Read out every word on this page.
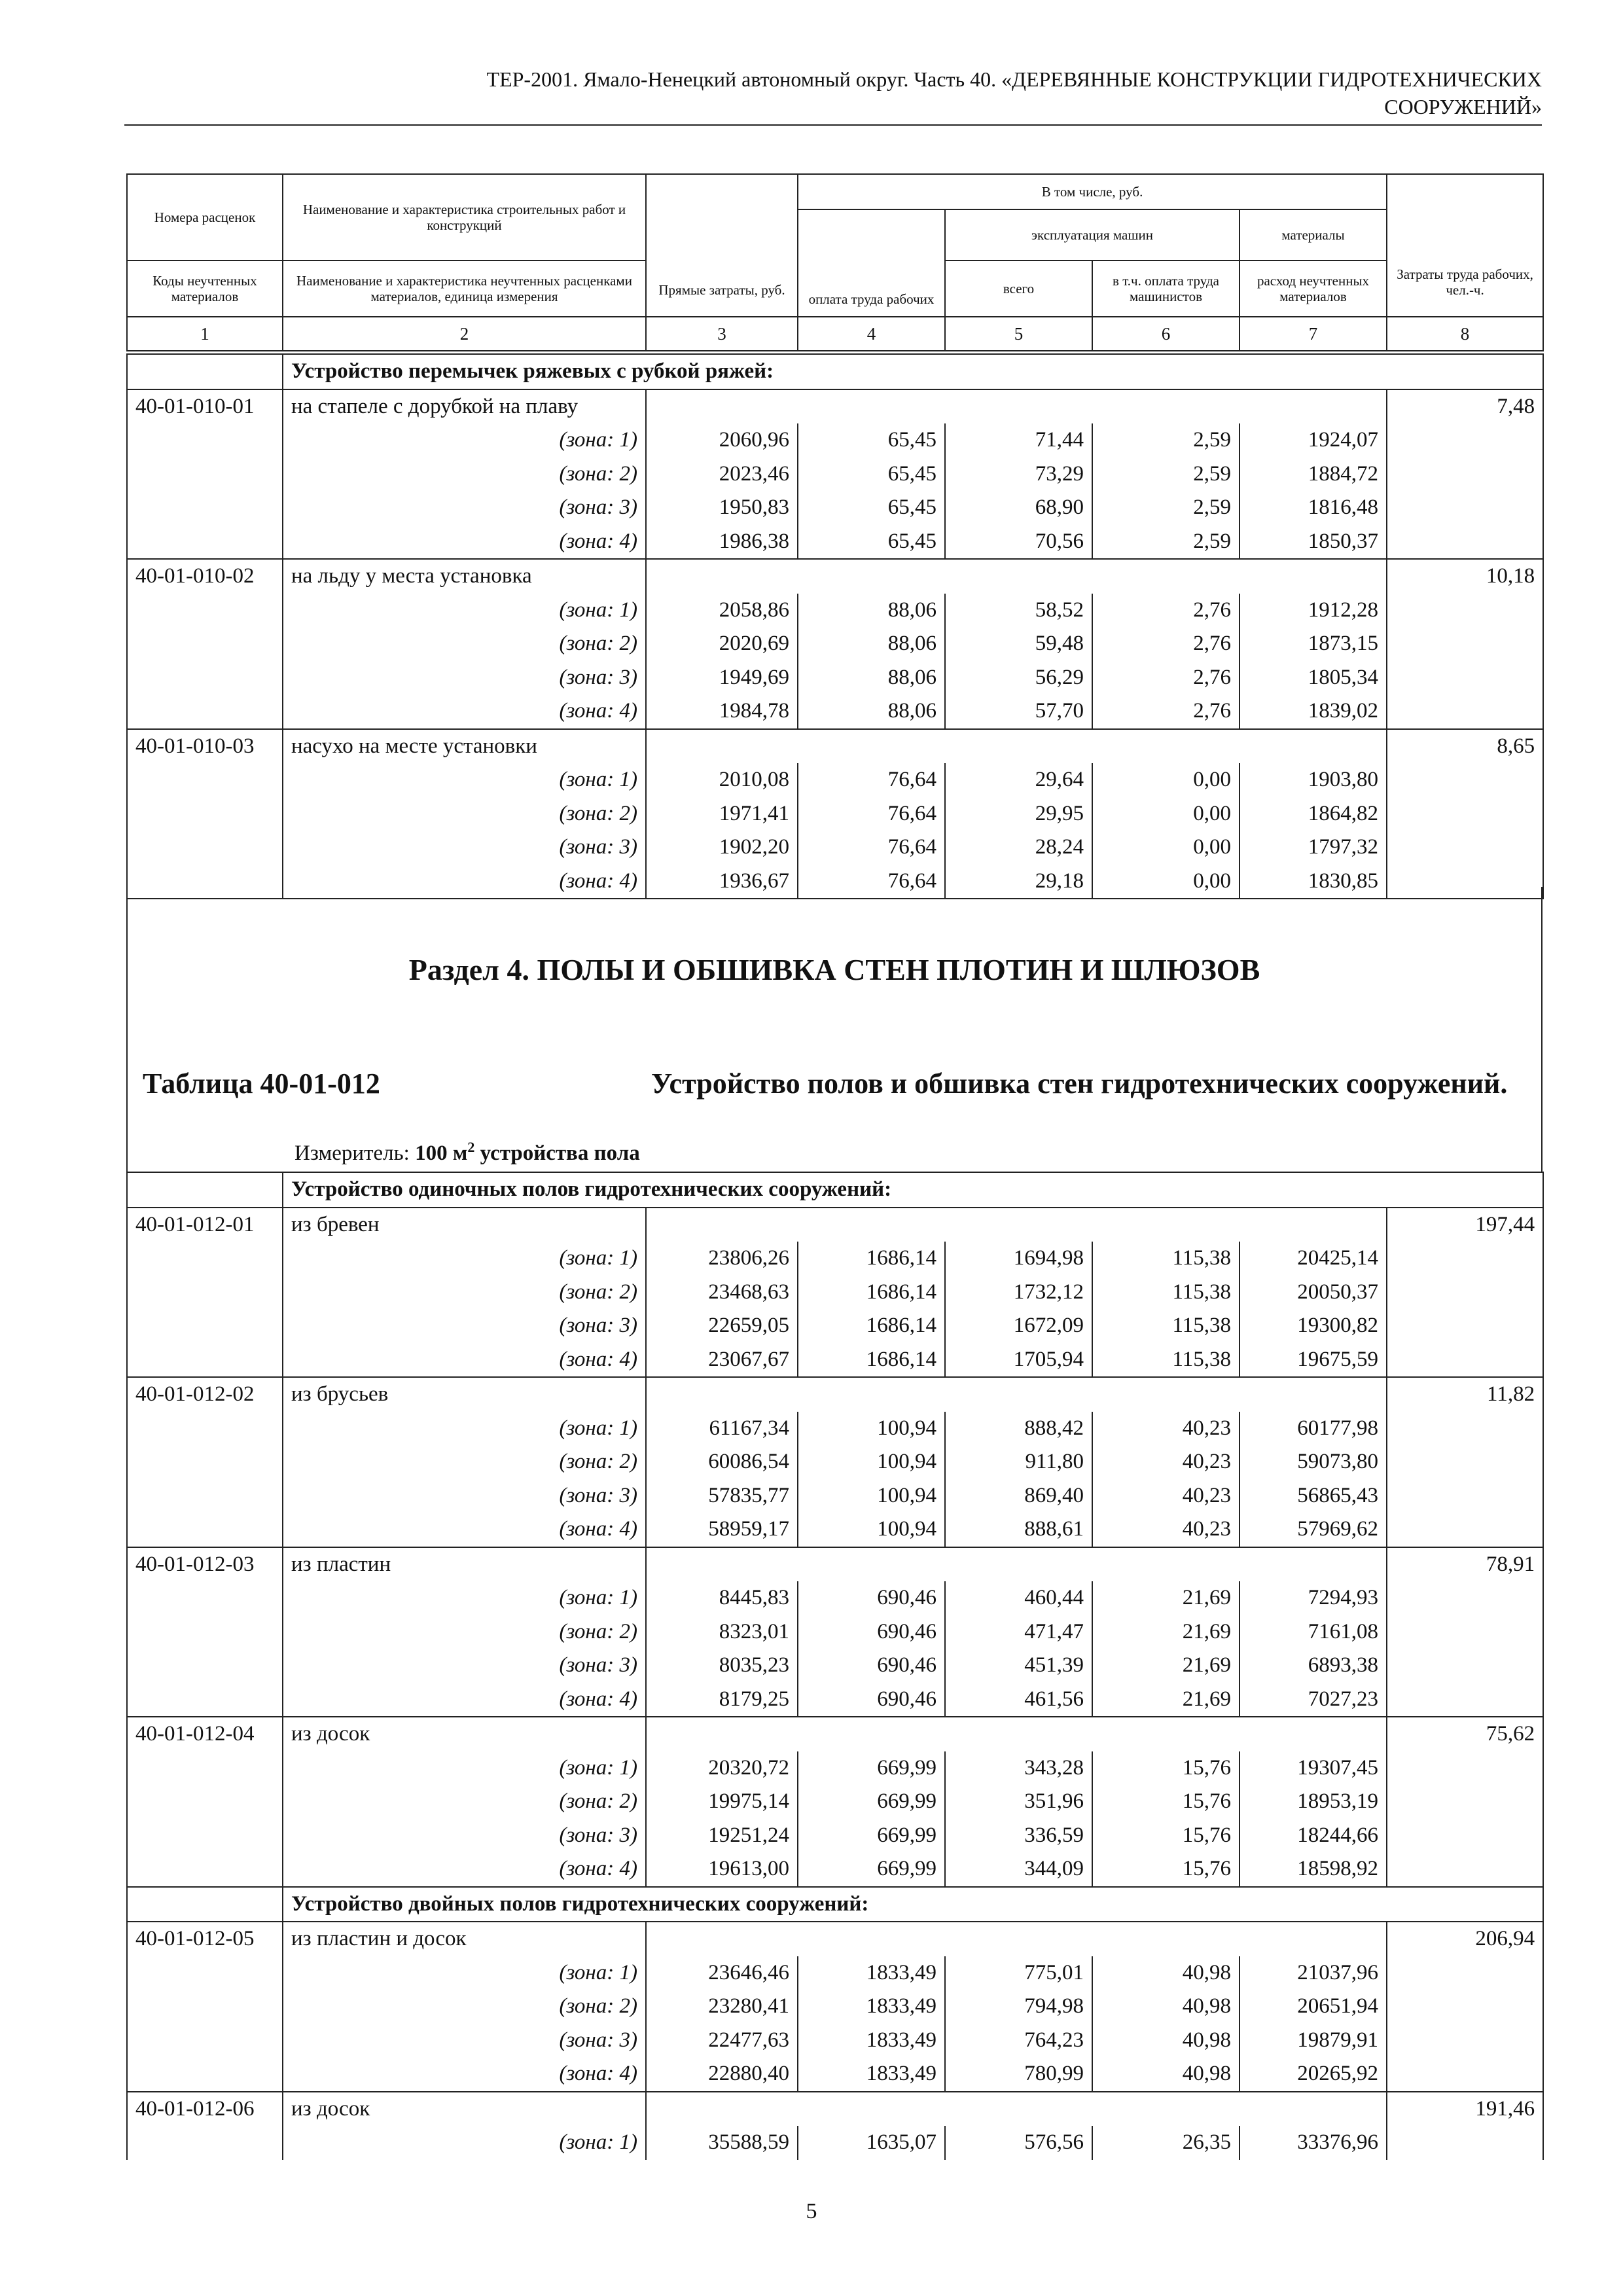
ТЕР-2001. Ямало-Ненецкий автономный округ. Часть 40. «ДЕРЕВЯННЫЕ КОНСТРУКЦИИ ГИДРОТЕХНИЧЕСКИХ
СООРУЖЕНИЙ»
Номера расценок	Наименование и характеристика строительных работ и конструкций	Прямые затраты, руб.	В том числе, руб.				Затраты труда рабочих, чел.-ч.
			оплата труда рабочих	эксплуатация машин		материалы	
Коды неучтенных материалов	Наименование и характеристика неучтенных расценками материалов, единица измерения			всего	в т.ч. оплата труда машинистов	расход неучтенных материалов	

1	2	3	4	5	6	7	8
	Устройство перемычек ряжевых с рубкой ряжей:						
40-01-010-01	на стапеле с дорубкой на плаву						7,48
	(зона: 1)	2060,96	65,45	71,44	2,59	1924,07	
	(зона: 2)	2023,46	65,45	73,29	2,59	1884,72	
	(зона: 3)	1950,83	65,45	68,90	2,59	1816,48	
	(зона: 4)	1986,38	65,45	70,56	2,59	1850,37	
40-01-010-02	на льду у места установка						10,18
	(зона: 1)	2058,86	88,06	58,52	2,76	1912,28	
	(зона: 2)	2020,69	88,06	59,48	2,76	1873,15	
	(зона: 3)	1949,69	88,06	56,29	2,76	1805,34	
	(зона: 4)	1984,78	88,06	57,70	2,76	1839,02	
40-01-010-03	насухо на месте установки						8,65
	(зона: 1)	2010,08	76,64	29,64	0,00	1903,80	
	(зона: 2)	1971,41	76,64	29,95	0,00	1864,82	
	(зона: 3)	1902,20	76,64	28,24	0,00	1797,32	
	(зона: 4)	1936,67	76,64	29,18	0,00	1830,85	

Раздел 4. ПОЛЫ И ОБШИВКА СТЕН ПЛОТИН И ШЛЮЗОВ
Таблица 40-01-012	Устройство полов и обшивка стен гидротехнических сооружений.
Измеритель: 100 $м^2$ устройства пола
	Устройство одиночных полов гидротехнических сооружений:						
40-01-012-01	из бревен						197,44
	(зона: 1)	23806,26	1686,14	1694,98	115,38	20425,14	
	(зона: 2)	23468,63	1686,14	1732,12	115,38	20050,37	
	(зона: 3)	22659,05	1686,14	1672,09	115,38	19300,82	
	(зона: 4)	23067,67	1686,14	1705,94	115,38	19675,59	
40-01-012-02	из брусьев						11,82
	(зона: 1)	61167,34	100,94	888,42	40,23	60177,98	
	(зона: 2)	60086,54	100,94	911,80	40,23	59073,80	
	(зона: 3)	57835,77	100,94	869,40	40,23	56865,43	
	(зона: 4)	58959,17	100,94	888,61	40,23	57969,62	
40-01-012-03	из пластин						78,91
	(зона: 1)	8445,83	690,46	460,44	21,69	7294,93	
	(зона: 2)	8323,01	690,46	471,47	21,69	7161,08	
	(зона: 3)	8035,23	690,46	451,39	21,69	6893,38	
	(зона: 4)	8179,25	690,46	461,56	21,69	7027,23	
40-01-012-04	из досок						75,62
	(зона: 1)	20320,72	669,99	343,28	15,76	19307,45	
	(зона: 2)	19975,14	669,99	351,96	15,76	18953,19	
	(зона: 3)	19251,24	669,99	336,59	15,76	18244,66	
	(зона: 4)	19613,00	669,99	344,09	15,76	18598,92	
	Устройство двойных полов гидротехнических сооружений:						
40-01-012-05	из пластин и досок						206,94
	(зона: 1)	23646,46	1833,49	775,01	40,98	21037,96	
	(зона: 2)	23280,41	1833,49	794,98	40,98	20651,94	
	(зона: 3)	22477,63	1833,49	764,23	40,98	19879,91	
	(зона: 4)	22880,40	1833,49	780,99	40,98	20265,92	
40-01-012-06	из досок						191,46
	(зона: 1)	35588,59	1635,07	576,56	26,35	33376,96	
5
